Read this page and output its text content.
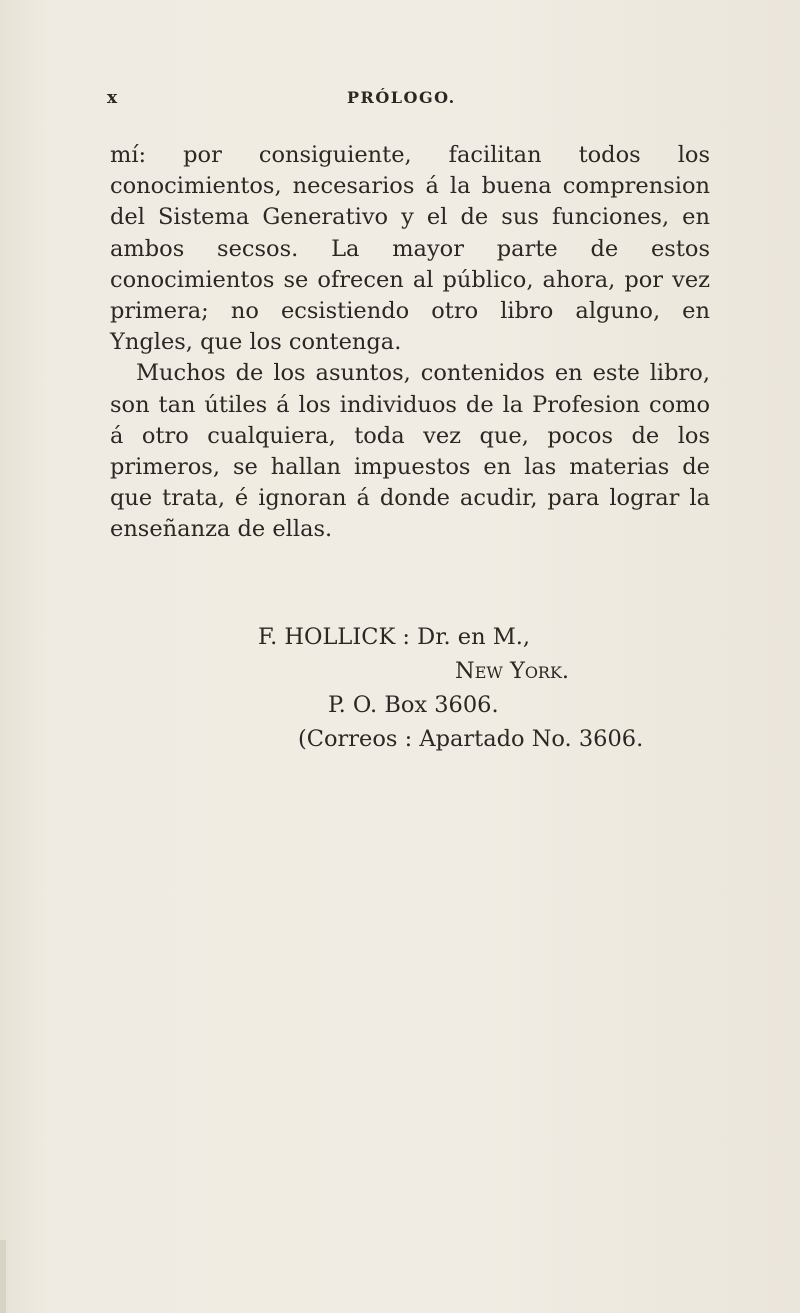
x	PRÓLOGO.

mí: por consiguiente, facilitan todos los conocimientos, necesarios á la buena comprension del Sistema Generativo y el de sus funciones, en ambos secsos. La mayor parte de estos conocimientos se ofrecen al público, ahora, por vez primera; no ecsistiendo otro libro alguno, en Yngles, que los contenga.

Muchos de los asuntos, contenidos en este libro, son tan útiles á los individuos de la Profesion como á otro cualquiera, toda vez que, pocos de los primeros, se hallan impuestos en las materias de que trata, é ignoran á donde acudir, para lograr la enseñanza de ellas.

F. HOLLICK : Dr. en M.,
New York.
P. O. Box 3606.
(Correos : Apartado No. 3606.
